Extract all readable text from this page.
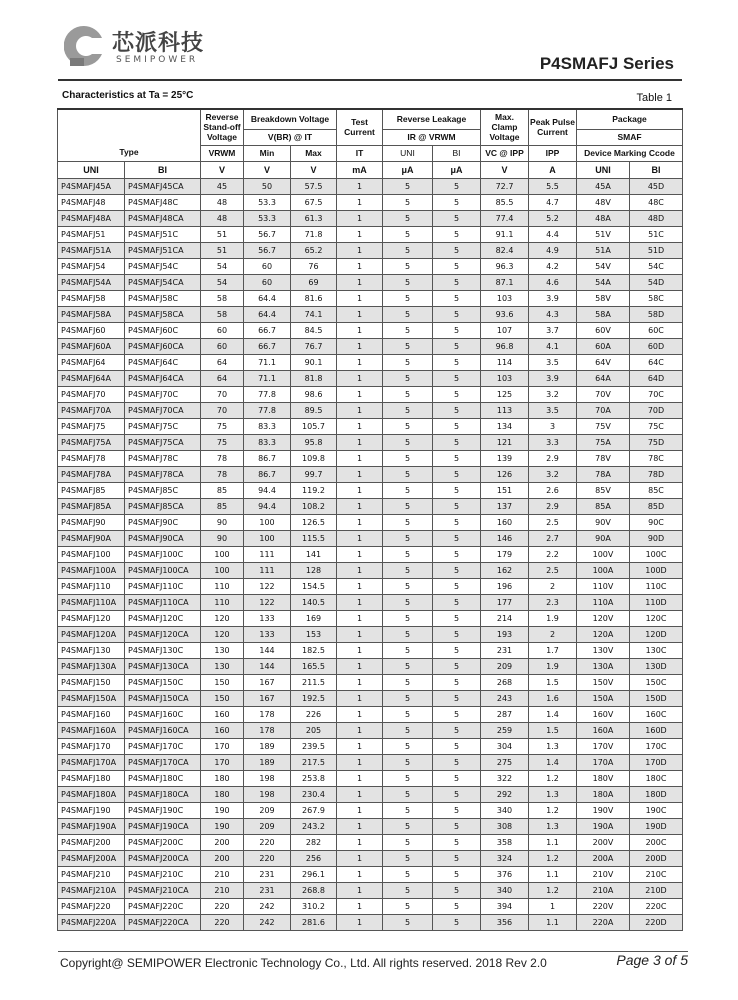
芯派科技
SEMIPOWER	P4SMAFJ Series
Characteristics at Ta = 25°C	Table 1
Type		Reverse Stand-off Voltage	Breakdown Voltage		Test Current	Reverse Leakage		Max. Clamp Voltage	Peak Pulse Current	Package	
			V(BR) @ IT			IR @ VRWM				SMAF	
		VRWM	Min	Max	IT	UNI	BI	VC @ IPP	IPP	Device Marking Ccode	
UNI	BI	V	V	V	mA	μA	μA	V	A	UNI	BI
P4SMAFJ45A	P4SMAFJ45CA	45	50	57.5	1	5	5	72.7	5.5	45A	45D
P4SMAFJ48	P4SMAFJ48C	48	53.3	67.5	1	5	5	85.5	4.7	48V	48C
P4SMAFJ48A	P4SMAFJ48CA	48	53.3	61.3	1	5	5	77.4	5.2	48A	48D
P4SMAFJ51	P4SMAFJ51C	51	56.7	71.8	1	5	5	91.1	4.4	51V	51C
P4SMAFJ51A	P4SMAFJ51CA	51	56.7	65.2	1	5	5	82.4	4.9	51A	51D
P4SMAFJ54	P4SMAFJ54C	54	60	76	1	5	5	96.3	4.2	54V	54C
P4SMAFJ54A	P4SMAFJ54CA	54	60	69	1	5	5	87.1	4.6	54A	54D
P4SMAFJ58	P4SMAFJ58C	58	64.4	81.6	1	5	5	103	3.9	58V	58C
P4SMAFJ58A	P4SMAFJ58CA	58	64.4	74.1	1	5	5	93.6	4.3	58A	58D
P4SMAFJ60	P4SMAFJ60C	60	66.7	84.5	1	5	5	107	3.7	60V	60C
P4SMAFJ60A	P4SMAFJ60CA	60	66.7	76.7	1	5	5	96.8	4.1	60A	60D
P4SMAFJ64	P4SMAFJ64C	64	71.1	90.1	1	5	5	114	3.5	64V	64C
P4SMAFJ64A	P4SMAFJ64CA	64	71.1	81.8	1	5	5	103	3.9	64A	64D
P4SMAFJ70	P4SMAFJ70C	70	77.8	98.6	1	5	5	125	3.2	70V	70C
P4SMAFJ70A	P4SMAFJ70CA	70	77.8	89.5	1	5	5	113	3.5	70A	70D
P4SMAFJ75	P4SMAFJ75C	75	83.3	105.7	1	5	5	134	3	75V	75C
P4SMAFJ75A	P4SMAFJ75CA	75	83.3	95.8	1	5	5	121	3.3	75A	75D
P4SMAFJ78	P4SMAFJ78C	78	86.7	109.8	1	5	5	139	2.9	78V	78C
P4SMAFJ78A	P4SMAFJ78CA	78	86.7	99.7	1	5	5	126	3.2	78A	78D
P4SMAFJ85	P4SMAFJ85C	85	94.4	119.2	1	5	5	151	2.6	85V	85C
P4SMAFJ85A	P4SMAFJ85CA	85	94.4	108.2	1	5	5	137	2.9	85A	85D
P4SMAFJ90	P4SMAFJ90C	90	100	126.5	1	5	5	160	2.5	90V	90C
P4SMAFJ90A	P4SMAFJ90CA	90	100	115.5	1	5	5	146	2.7	90A	90D
P4SMAFJ100	P4SMAFJ100C	100	111	141	1	5	5	179	2.2	100V	100C
P4SMAFJ100A	P4SMAFJ100CA	100	111	128	1	5	5	162	2.5	100A	100D
P4SMAFJ110	P4SMAFJ110C	110	122	154.5	1	5	5	196	2	110V	110C
P4SMAFJ110A	P4SMAFJ110CA	110	122	140.5	1	5	5	177	2.3	110A	110D
P4SMAFJ120	P4SMAFJ120C	120	133	169	1	5	5	214	1.9	120V	120C
P4SMAFJ120A	P4SMAFJ120CA	120	133	153	1	5	5	193	2	120A	120D
P4SMAFJ130	P4SMAFJ130C	130	144	182.5	1	5	5	231	1.7	130V	130C
P4SMAFJ130A	P4SMAFJ130CA	130	144	165.5	1	5	5	209	1.9	130A	130D
P4SMAFJ150	P4SMAFJ150C	150	167	211.5	1	5	5	268	1.5	150V	150C
P4SMAFJ150A	P4SMAFJ150CA	150	167	192.5	1	5	5	243	1.6	150A	150D
P4SMAFJ160	P4SMAFJ160C	160	178	226	1	5	5	287	1.4	160V	160C
P4SMAFJ160A	P4SMAFJ160CA	160	178	205	1	5	5	259	1.5	160A	160D
P4SMAFJ170	P4SMAFJ170C	170	189	239.5	1	5	5	304	1.3	170V	170C
P4SMAFJ170A	P4SMAFJ170CA	170	189	217.5	1	5	5	275	1.4	170A	170D
P4SMAFJ180	P4SMAFJ180C	180	198	253.8	1	5	5	322	1.2	180V	180C
P4SMAFJ180A	P4SMAFJ180CA	180	198	230.4	1	5	5	292	1.3	180A	180D
P4SMAFJ190	P4SMAFJ190C	190	209	267.9	1	5	5	340	1.2	190V	190C
P4SMAFJ190A	P4SMAFJ190CA	190	209	243.2	1	5	5	308	1.3	190A	190D
P4SMAFJ200	P4SMAFJ200C	200	220	282	1	5	5	358	1.1	200V	200C
P4SMAFJ200A	P4SMAFJ200CA	200	220	256	1	5	5	324	1.2	200A	200D
P4SMAFJ210	P4SMAFJ210C	210	231	296.1	1	5	5	376	1.1	210V	210C
P4SMAFJ210A	P4SMAFJ210CA	210	231	268.8	1	5	5	340	1.2	210A	210D
P4SMAFJ220	P4SMAFJ220C	220	242	310.2	1	5	5	394	1	220V	220C
P4SMAFJ220A	P4SMAFJ220CA	220	242	281.6	1	5	5	356	1.1	220A	220D
Copyright@ SEMIPOWER Electronic Technology Co., Ltd. All rights reserved. 2018 Rev 2.0	Page 3 of 5
